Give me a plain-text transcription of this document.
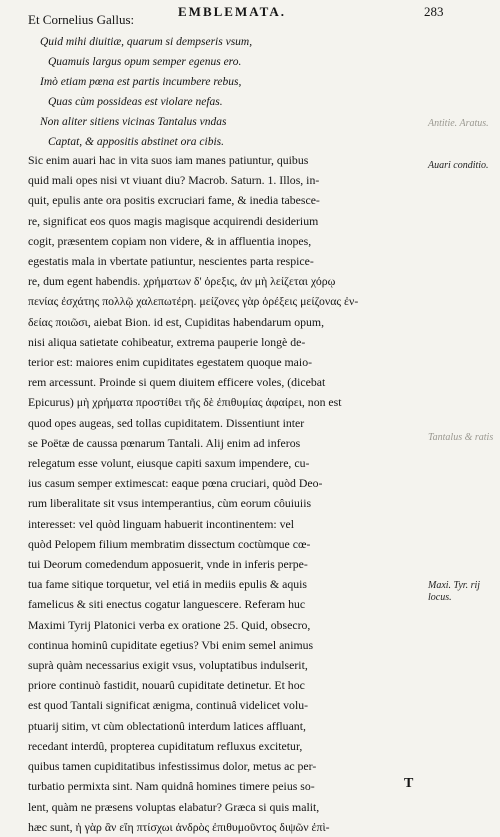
Et Cornelius Gallus:
EMBLEMATA.	283
Quid mihi diuitiæ, quarum si dempseris vsum,
Quamuis largus opum semper egenus ero.
Imò etiam pœna est partis incumbere rebus,
Quas cùm possideas est violare nefas.
Non aliter sitiens vicinas Tantalus vndas
Captat, & appositis abstinet ora cibis.
Sic enim auari hac in vita suos iam manes patiuntur, quibus
quid mali opes nisi vt viuant diu? Macrob. Saturn. 1. Illos, in-
quit, epulis ante ora positis excruciari fame, & inedia tabesce-
re, significat eos quos magis magisque acquirendi desiderium
cogit, præsentem copiam non videre, & in affluentia inopes,
egestatis mala in vbertate patiuntur, nescientes parta respice-
re, dum egent habendis. χρήματων δ' ὀρεξις, ἀν μὴ λείζεται χόρῳ
πενίας ἐσχάτης πολλῷ χαλεπωτέρη. μείζονες γὰρ ὀρέξεις μείζονας ἐν-
δείας ποιῶσι, aiebat Bion. id est, Cupiditas habendarum opum,
nisi aliqua satietate cohibeatur, extrema pauperie longè de-
terior est: maiores enim cupiditates egestatem quoque maio-
rem arcessunt. Proinde si quem diuitem efficere voles, (dicebat
Epicurus) μὴ χρήματα προστίθει τῆς δὲ ἐπιθυμίας ἀφαίρει, non est
quod opes augeas, sed tollas cupiditatem. Dissentiunt inter
se Poëtæ de caussa pœnarum Tantali. Alij enim ad inferos
relegatum esse volunt, eiusque capiti saxum impendere, cu-
ius casum semper extimescat: eaque pœna cruciari, quòd Deo-
rum liberalitate sit vsus intemperantius, cùm eorum côuiuiis
interesset: vel quòd linguam habuerit incontinentem: vel
quòd Pelopem filium membratim dissectum coctùmque cœ-
tui Deorum comedendum apposuerit, vnde in inferis perpe-
tua fame sitique torquetur, vel etiá in mediis epulis & aquis
famelicus & siti enectus cogatur languescere. Referam huc
Maximi Tyrij Platonici verba ex oratione 25. Quid, obsecro,
continua hominû cupiditate egetius? Vbi enim semel animus
suprà quàm necessarius exigit vsus, voluptatibus indulserit,
priore continuò fastidit, nouarû cupiditate detinetur. Et hoc
est quod Tantali significat ænigma, continuâ videlicet volu-
ptuarij sitim, vt cùm oblectationû interdum latices affluant,
recedant interdû, propterea cupiditatum refluxus excitetur,
quibus tamen cupiditatibus infestissimus dolor, metus ac per-
turbatio permixta sint. Nam quidnâ homines timere peius so-
lent, quàm ne præsens voluptas elabatur? Græca si quis malit,
hæc sunt, ἡ γὰρ ἂν εἴη πτίσχωι ἀνδρὸς ἐπιθυμοῦντος διψῶν ἐπὶ-
T
Antitie. Aratus.
Auari conditio.
Tantalus & ratis
Maxi. Tyr. rij locus.
